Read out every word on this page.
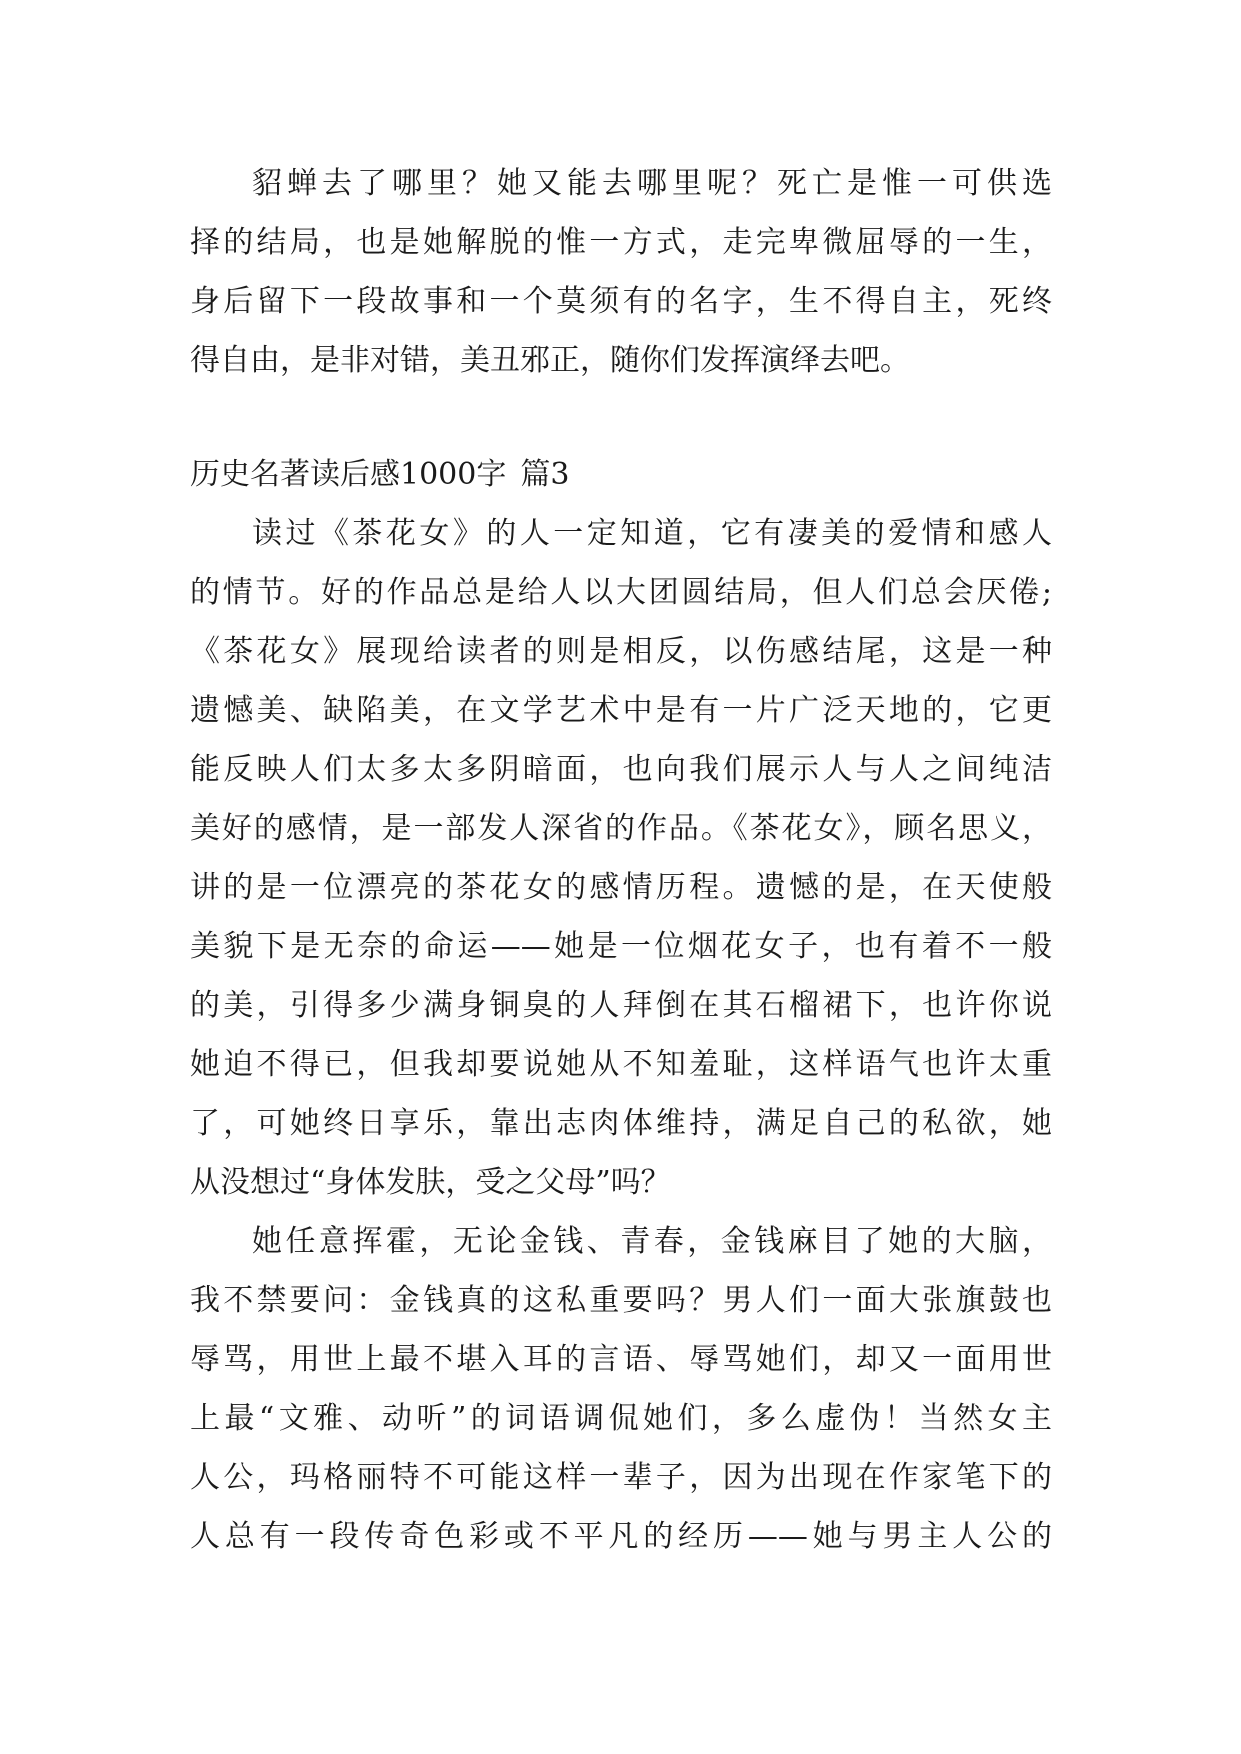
貂蝉去了哪里？她又能去哪里呢？死亡是惟一可供选
择的结局，也是她解脱的惟一方式，走完卑微屈辱的一生，
身后留下一段故事和一个莫须有的名字，生不得自主，死终
得自由，是非对错，美丑邪正，随你们发挥演绎去吧。
历史名著读后感1000字 篇3
读过《茶花女》的人一定知道，它有凄美的爱情和感人
的情节。好的作品总是给人以大团圆结局，但人们总会厌倦;
《茶花女》展现给读者的则是相反，以伤感结尾，这是一种
遗憾美、缺陷美，在文学艺术中是有一片广泛天地的，它更
能反映人们太多太多阴暗面，也向我们展示人与人之间纯洁
美好的感情，是一部发人深省的作品。《茶花女》，顾名思义，
讲的是一位漂亮的茶花女的感情历程。遗憾的是，在天使般
美貌下是无奈的命运——她是一位烟花女子，也有着不一般
的美，引得多少满身铜臭的人拜倒在其石榴裙下，也许你说
她迫不得已，但我却要说她从不知羞耻，这样语气也许太重
了，可她终日享乐，靠出志肉体维持，满足自己的私欲，她
从没想过“身体发肤，受之父母”吗？
她任意挥霍，无论金钱、青春，金钱麻目了她的大脑，
我不禁要问：金钱真的这私重要吗？男人们一面大张旗鼓也
辱骂，用世上最不堪入耳的言语、辱骂她们，却又一面用世
上最“文雅、动听”的词语调侃她们，多么虚伪！当然女主
人公，玛格丽特不可能这样一辈子，因为出现在作家笔下的
人总有一段传奇色彩或不平凡的经历——她与男主人公的
